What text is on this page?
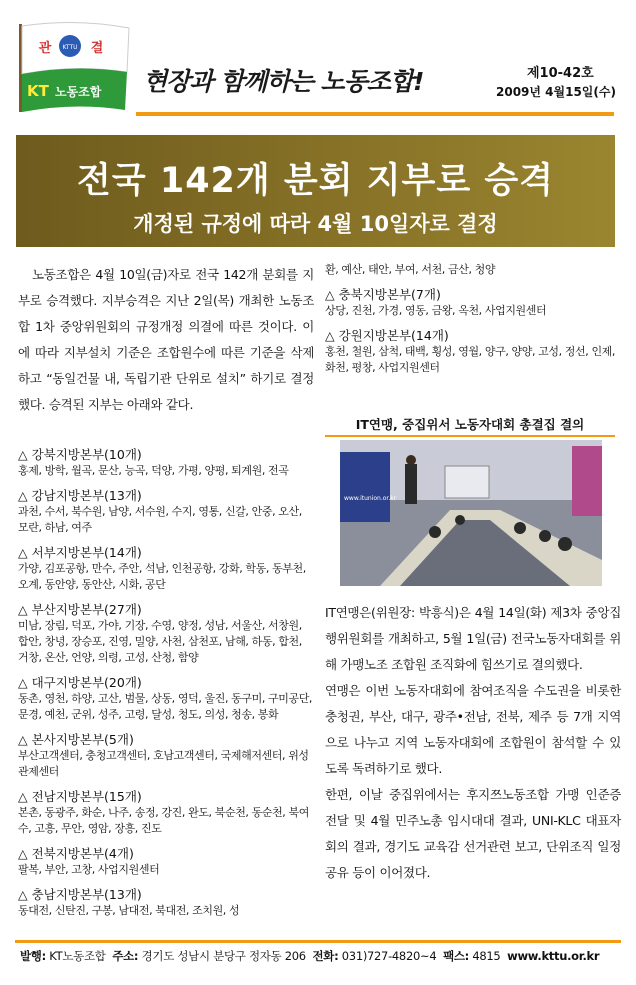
KTTU
관	결
KT 노동조합 현장과 함께하는 노동조합!	제10-42호
2009년 4월15일(수)
전국 142개 분회 지부로 승격
개정된 규정에 따라 4월 10일자로 결정
노동조합은 4월 10일(금)자로 전국 142개 분회를 지부로 승격했다. 지부승격은 지난 2일(목) 개최한 노동조합 1차 중앙위원회의 규정개정 의결에 따른 것이다. 이에 따라 지부설치 기준은 조합원수에 따른 기준을 삭제하고 “동일건물 내, 독립기관 단위로 설치” 하기로 결정했다. 승격된 지부는 아래와 같다.
△ 강북지방본부(10개)
홍제, 방학, 월곡, 문산, 능곡, 덕양, 가평, 양평, 퇴계원, 전곡
△ 강남지방본부(13개)
과천, 수서, 북수원, 남양, 서수원, 수지, 영통, 신갈, 안중, 오산, 모란, 하남, 여주
△ 서부지방본부(14개)
가양, 김포공항, 만수, 주안, 석남, 인천공항, 강화, 학동, 동부천, 오계, 동안양, 동안산, 시화, 공단
△ 부산지방본부(27개)
미남, 장림, 덕포, 가야, 기장, 수영, 양정, 성남, 서울산, 서창원, 합안, 창녕, 장승포, 진영, 밀양, 사천, 삼천포, 남해, 하동, 합천, 거창, 온산, 언양, 의령, 고성, 산청, 함양
△ 대구지방본부(20개)
동촌, 영천, 하양, 고산, 범물, 상동, 영덕, 울진, 동구미, 구미공단, 문경, 예천, 군위, 성주, 고령, 달성, 청도, 의성, 청송, 봉화
△ 본사지방본부(5개)
부산고객센터, 충청고객센터, 호남고객센터, 국제해저센터, 위성관제센터
△ 전남지방본부(15개)
본촌, 동광주, 화순, 나주, 송정, 강진, 완도, 북순천, 동순천, 북여수, 고흥, 무안, 영암, 장흥, 진도
△ 전북지방본부(4개)
팔복, 부안, 고창, 사업지원센터
△ 충남지방본부(13개)
동대전, 신탄진, 구봉, 남대전, 북대전, 조치원, 성
환, 예산, 태안, 부여, 서천, 금산, 청양
△ 충북지방본부(7개)
상당, 진천, 가경, 영동, 금왕, 옥천, 사업지원센터
△ 강원지방본부(14개)
홍천, 철원, 삼척, 태백, 횡성, 영월, 양구, 양양, 고성, 정선, 인제, 화천, 평창, 사업지원센터
IT연맹, 중집위서 노동자대회 총결집 결의
www.itunion.or.kr

IT연맹은(위원장: 박흥식)은 4월 14일(화) 제3차 중앙집행위원회를 개최하고, 5월 1일(금) 전국노동자대회를 위해 가맹노조 조합원 조직화에 힘쓰기로 결의했다.

연맹은 이번 노동자대회에 참여조직을 수도권을 비롯한 충청권, 부산, 대구, 광주•전남, 전북, 제주 등 7개 지역으로 나누고 지역 노동자대회에 조합원이 참석할 수 있도록 독려하기로 했다.

한편, 이날 중집위에서는 후지쯔노동조합 가맹 인준증 전달 및 4월 민주노총 임시대대 결과, UNI-KLC 대표자회의 결과, 경기도 교육감 선거관련 보고, 단위조직 일정공유 등이 이어졌다.

발행: KT노동조합 주소: 경기도 성남시 분당구 정자동 206 전화: 031)727-4820~4 팩스: 4815 www.kttu.or.kr
